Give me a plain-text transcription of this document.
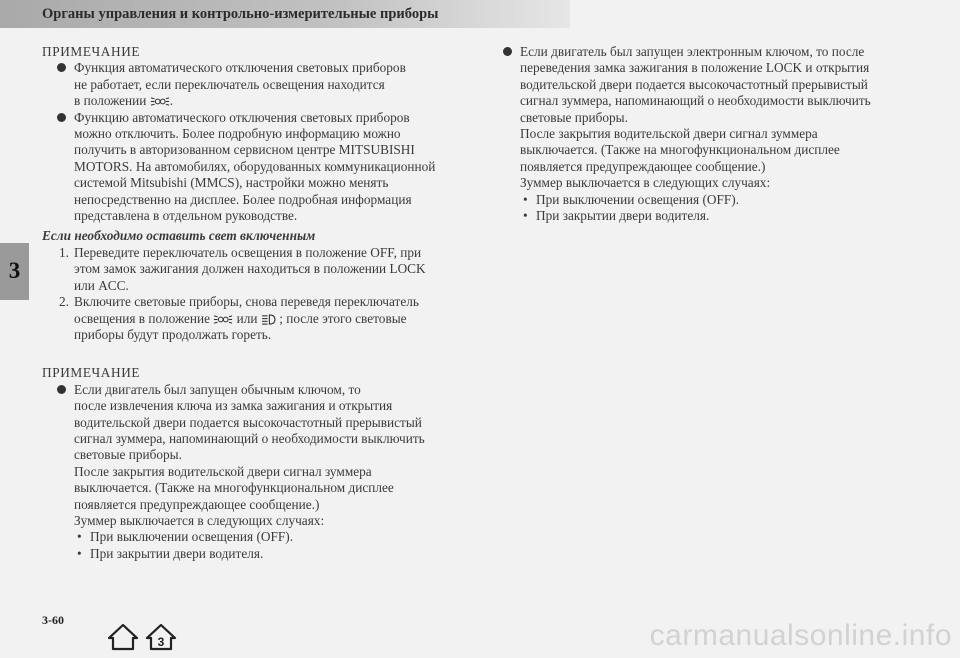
Органы управления и контрольно-измерительные приборы
3

ПРИМЕЧАНИЕ

Функция автоматического отключения световых приборов

не работает, если переключатель освещения находится

в положении .

Функцию автоматического отключения световых приборов

можно отключить. Более подробную информацию можно

получить в авторизованном сервисном центре MITSUBISHI

MOTORS. На автомобилях, оборудованных коммуникационной

системой Mitsubishi (MMCS), настройки можно менять

непосредственно на дисплее. Более подробная информация

представлена в отдельном руководстве.

Если необходимо оставить свет включенным

1. Переведите переключатель освещения в положение OFF, при

этом замок зажигания должен находиться в положении LOCK

или ACC.

2. Включите световые приборы, снова переведя переключатель

освещения в положение или ; после этого световые

приборы будут продолжать гореть.

ПРИМЕЧАНИЕ

Если двигатель был запущен обычным ключом, то

после извлечения ключа из замка зажигания и открытия

водительской двери подается высокочастотный прерывистый

сигнал зуммера, напоминающий о необходимости выключить

световые приборы.

После закрытия водительской двери сигнал зуммера

выключается. (Также на многофункциональном дисплее

появляется предупреждающее сообщение.)

Зуммер выключается в следующих случаях:

• При выключении освещения (OFF).

• При закрытии двери водителя.

Если двигатель был запущен электронным ключом, то после

переведения замка зажигания в положение LOCK и открытия

водительской двери подается высокочастотный прерывистый

сигнал зуммера, напоминающий о необходимости выключить

световые приборы.

После закрытия водительской двери сигнал зуммера

выключается. (Также на многофункциональном дисплее

появляется предупреждающее сообщение.)

Зуммер выключается в следующих случаях:

• При выключении освещения (OFF).

• При закрытии двери водителя.

3-60

3	carmanualsonline.info
